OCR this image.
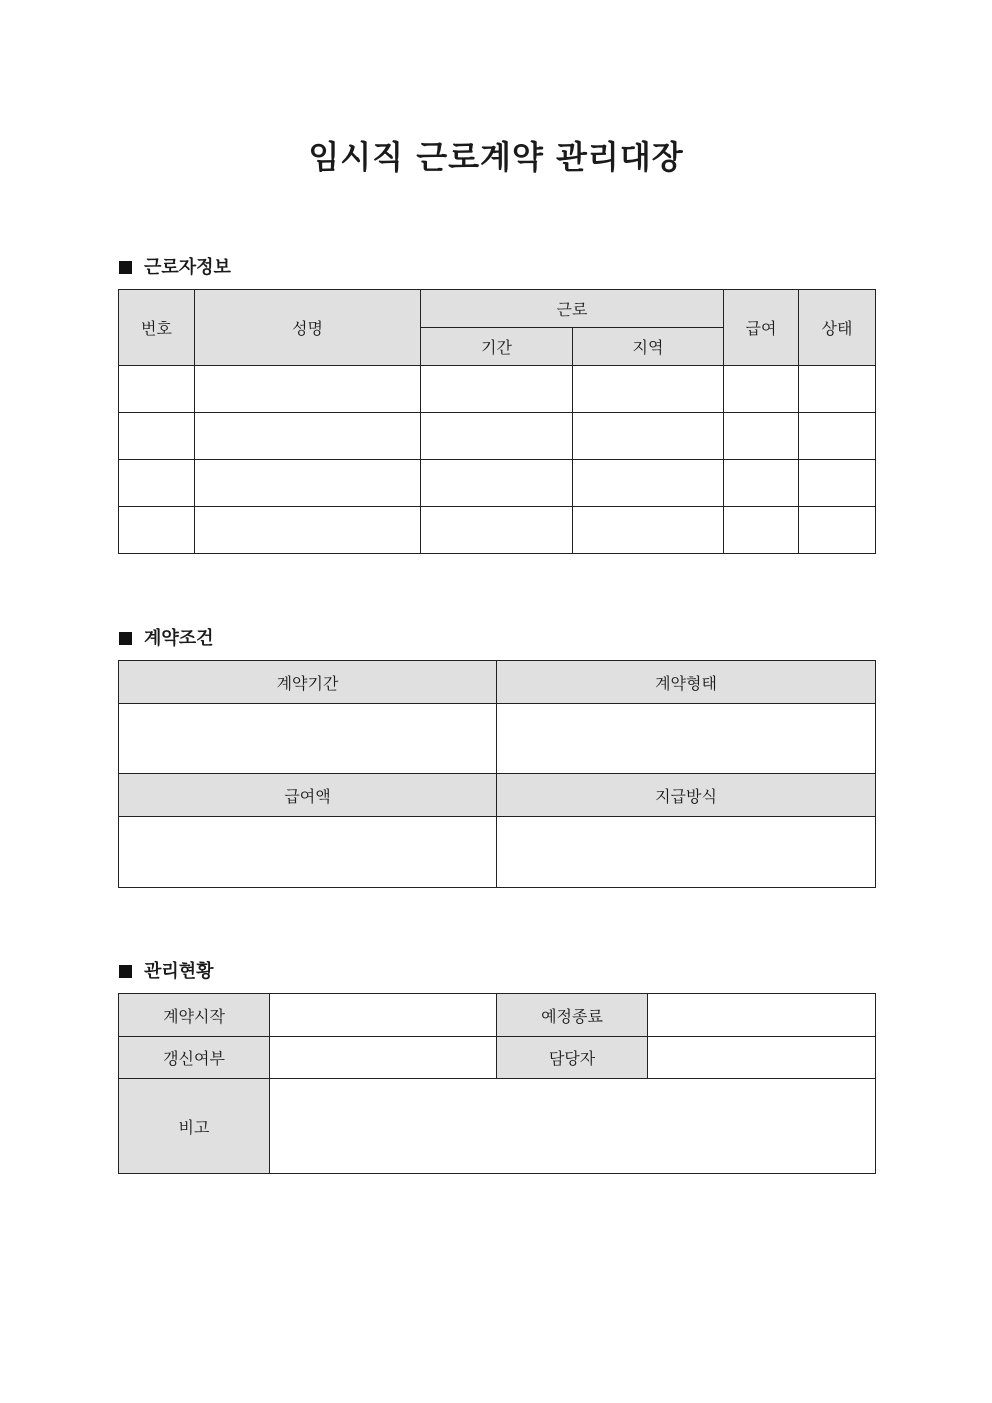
임시직 근로계약 관리대장
근로자정보
번호	성명	근로		급여	상태
		기간	지역		

계약조건
계약기간	계약형태

급여액	지급방식

관리현황
계약시작		예정종료	
갱신여부		담당자	
비고			
